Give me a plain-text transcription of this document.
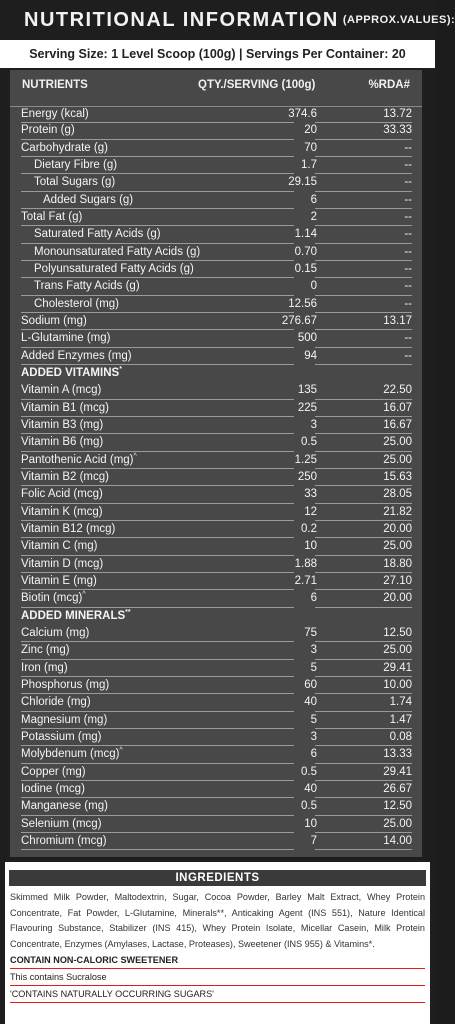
NUTRITIONAL INFORMATION (APPROX.VALUES):
Serving Size: 1 Level Scoop (100g) | Servings Per Container: 20
NUTRIENTS	QTY./SERVING (100g)	%RDA#
Energy (kcal)	374.6	13.72
Protein (g)	20	33.33
Carbohydrate (g)	70	--
Dietary Fibre (g)	1.7	--
Total Sugars (g)	29.15	--
Added Sugars (g)	6	--
Total Fat (g)	2	--
Saturated Fatty Acids (g)	1.14	--
Monounsaturated Fatty Acids (g)	0.70	--
Polyunsaturated Fatty Acids (g)	0.15	--
Trans Fatty Acids (g)	0	--
Cholesterol (mg)	12.56	--
Sodium (mg)	276.67	13.17
L-Glutamine (mg)	500	--
Added Enzymes (mg)	94	--
ADDED VITAMINS*
Vitamin A (mcg)	135	22.50
Vitamin B1 (mcg)	225	16.07
Vitamin B3 (mg)	3	16.67
Vitamin B6 (mg)	0.5	25.00
Pantothenic Acid (mg)^	1.25	25.00
Vitamin B2 (mcg)	250	15.63
Folic Acid (mcg)	33	28.05
Vitamin K (mcg)	12	21.82
Vitamin B12 (mcg)	0.2	20.00
Vitamin C (mg)	10	25.00
Vitamin D (mcg)	1.88	18.80
Vitamin E (mg)	2.71	27.10
Biotin (mcg)^	6	20.00
ADDED MINERALS**
Calcium (mg)	75	12.50
Zinc (mg)	3	25.00
Iron (mg)	5	29.41
Phosphorus (mg)	60	10.00
Chloride (mg)	40	1.74
Magnesium (mg)	5	1.47
Potassium (mg)	3	0.08
Molybdenum (mcg)^	6	13.33
Copper (mg)	0.5	29.41
Iodine (mcg)	40	26.67
Manganese (mg)	0.5	12.50
Selenium (mcg)	10	25.00
Chromium (mcg)	7	14.00
INGREDIENTS
Skimmed Milk Powder, Maltodextrin, Sugar, Cocoa Powder, Barley Malt Extract, Whey Protein Concentrate, Fat Powder, L-Glutamine, Minerals**, Anticaking Agent (INS 551), Nature Identical Flavouring Substance, Stabilizer (INS 415), Whey Protein Isolate, Micellar Casein, Milk Protein Concentrate, Enzymes (Amylases, Lactase, Proteases), Sweetener (INS 955) & Vitamins*.
CONTAIN NON-CALORIC SWEETENER
This contains Sucralose
'CONTAINS NATURALLY OCCURRING SUGARS'
